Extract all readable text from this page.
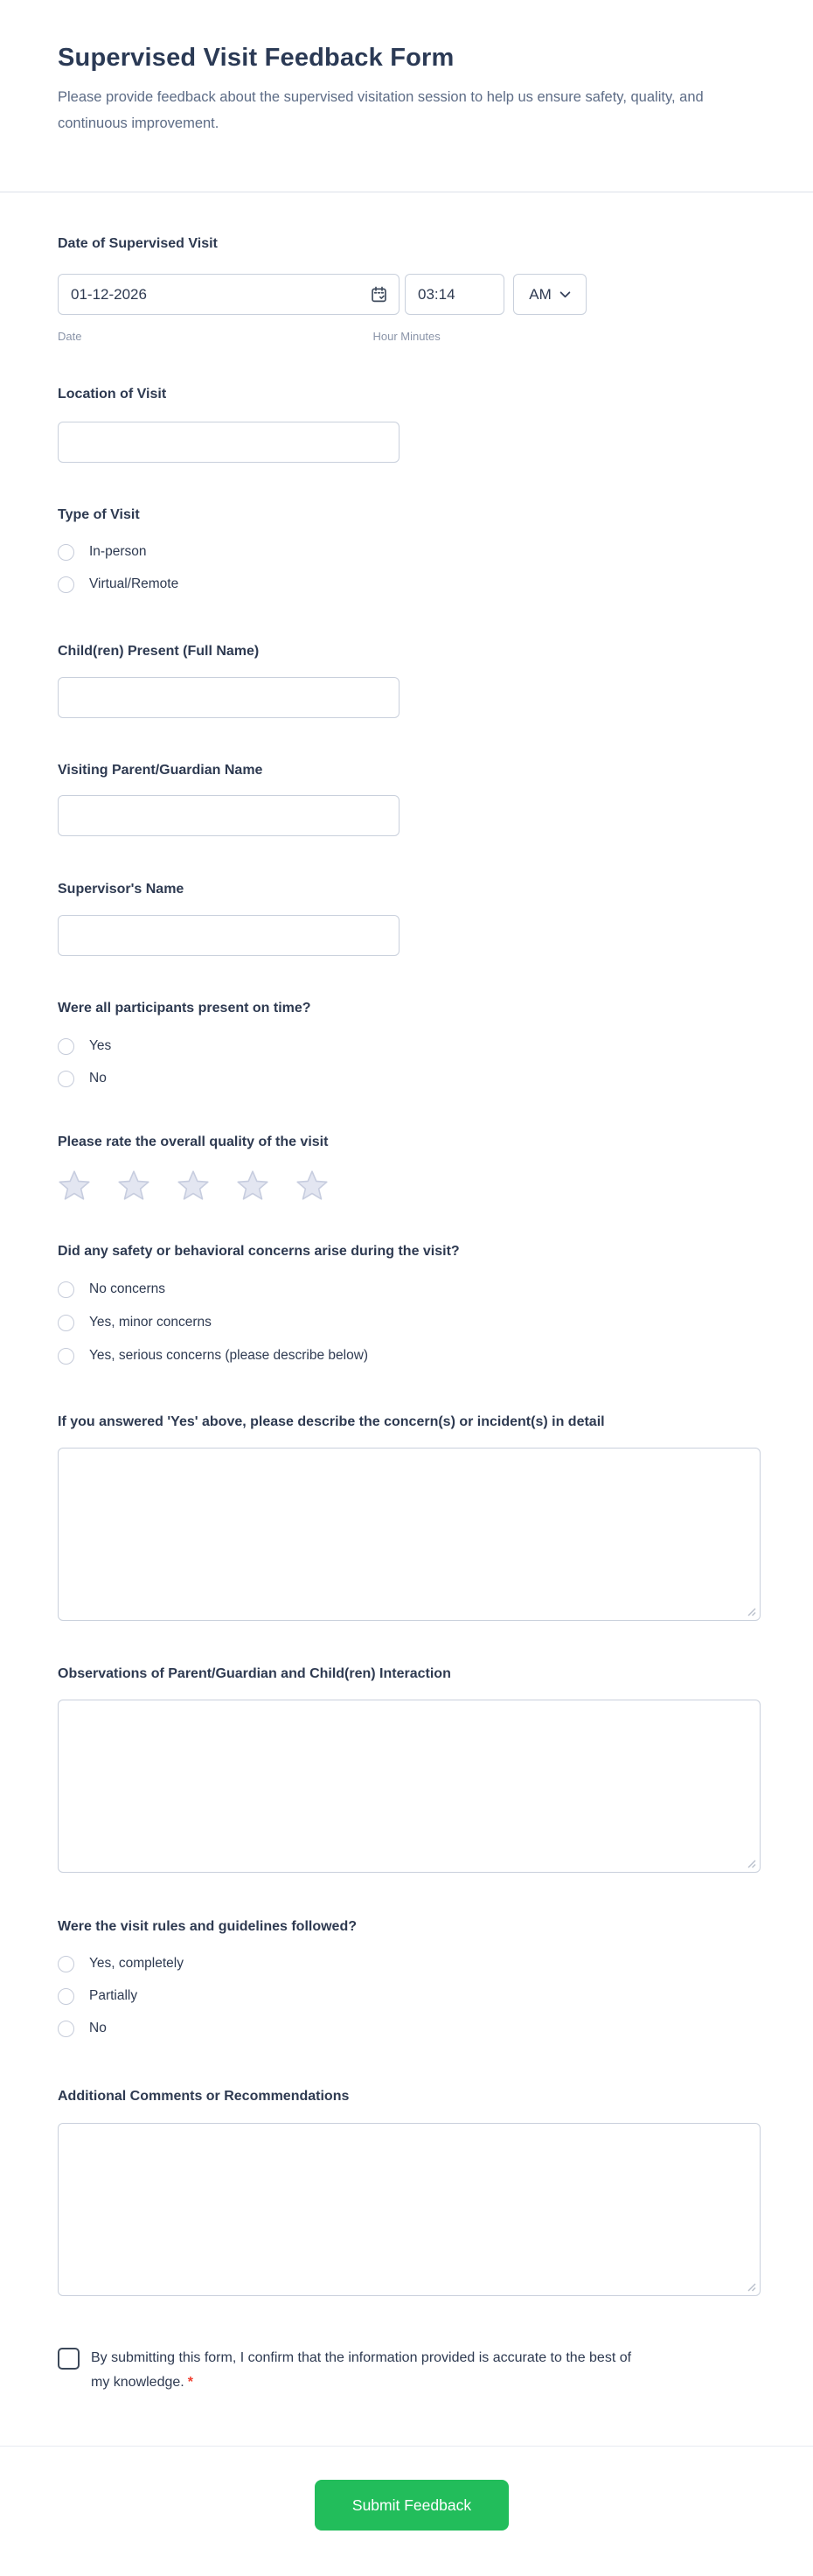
Supervised Visit Feedback Form
Please provide feedback about the supervised visitation session to help us ensure safety, quality, and continuous improvement.
Date of Supervised Visit
01-12-2026
03:14
AM
Date	Hour Minutes
Location of Visit
Type of Visit
In-person
Virtual/Remote
Child(ren) Present (Full Name)
Visiting Parent/Guardian Name
Supervisor's Name
Were all participants present on time?
Yes
No
Please rate the overall quality of the visit
Did any safety or behavioral concerns arise during the visit?
No concerns
Yes, minor concerns
Yes, serious concerns (please describe below)
If you answered 'Yes' above, please describe the concern(s) or incident(s) in detail
Observations of Parent/Guardian and Child(ren) Interaction
Were the visit rules and guidelines followed?
Yes, completely
Partially
No
Additional Comments or Recommendations
By submitting this form, I confirm that the information provided is accurate to the best of my knowledge. *
Submit Feedback
